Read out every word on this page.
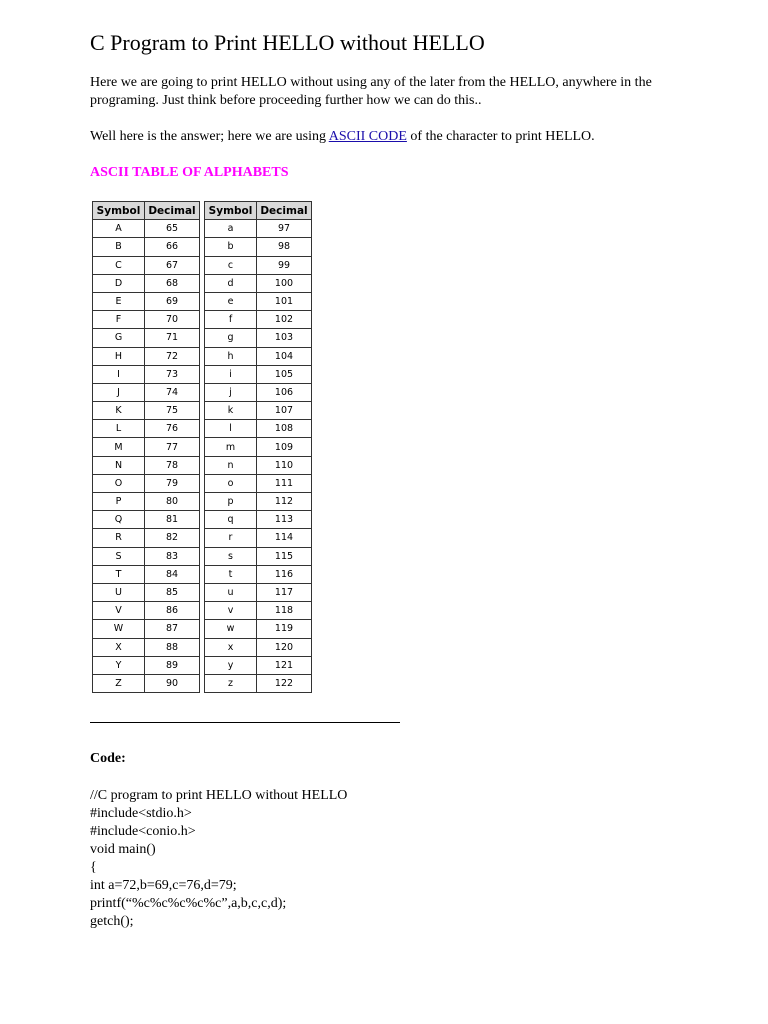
C Program to Print HELLO without HELLO

Here we are going to print HELLO without using any of the later from the HELLO, anywhere in the programing. Just think before proceeding further how we can do this..

Well here is the answer; here we are using ASCII CODE of the character to print HELLO.

ASCII TABLE OF ALPHABETS
Symbol	Decimal
A	65
B	66
C	67
D	68
E	69
F	70
G	71
H	72
I	73
J	74
K	75
L	76
M	77
N	78
O	79
P	80
Q	81
R	82
S	83
T	84
U	85
V	86
W	87
X	88
Y	89
Z	90
Symbol	Decimal
a	97
b	98
c	99
d	100
e	101
f	102
g	103
h	104
i	105
j	106
k	107
l	108
m	109
n	110
o	111
p	112
q	113
r	114
s	115
t	116
u	117
v	118
w	119
x	120
y	121
z	122

Code:

//C program to print HELLO without HELLO
#include<stdio.h>
#include<conio.h>
void main()
{
int a=72,b=69,c=76,d=79;
printf(“%c%c%c%c%c”,a,b,c,c,d);
getch();
